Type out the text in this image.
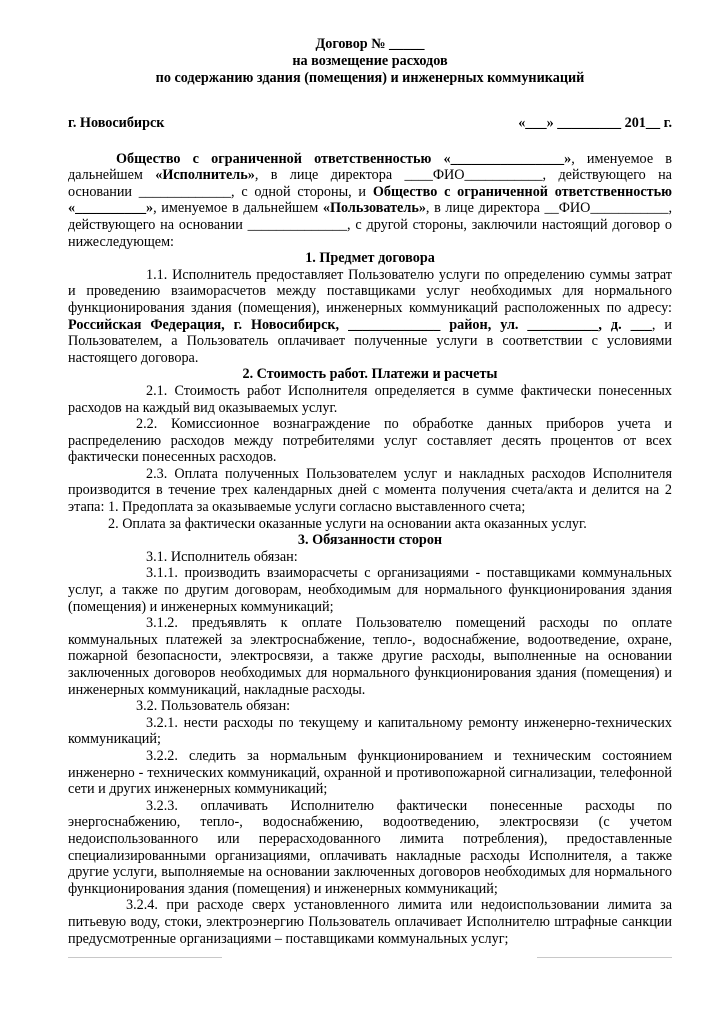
Договор № _____
на возмещение расходов
по содержанию здания (помещения) и инженерных коммуникаций
г. Новосибирск	«___» _________ 201__ г.

Общество с ограниченной ответственностью «________________», именуемое в дальнейшем «Исполнитель», в лице директора ____ФИО___________, действующего на основании _____________, с одной стороны, и Общество с ограниченной ответственностью «__________», именуемое в дальнейшем «Пользователь», в лице директора __ФИО___________, действующего на основании ______________, с другой стороны, заключили настоящий договор о нижеследующем:

1. Предмет договора

1.1. Исполнитель предоставляет Пользователю услуги по определению суммы затрат и проведению взаиморасчетов между поставщиками услуг необходимых для нормального функционирования здания (помещения), инженерных коммуникаций расположенных по адресу: Российская Федерация, г. Новосибирск, _____________ район, ул. __________, д. ___, и Пользователем, а Пользователь оплачивает полученные услуги в соответствии с условиями настоящего договора.

2. Стоимость работ. Платежи и расчеты

2.1. Стоимость работ Исполнителя определяется в сумме фактически понесенных расходов на каждый вид оказываемых услуг.

2.2. Комиссионное вознаграждение по обработке данных приборов учета и распределению расходов между потребителями услуг составляет десять процентов от всех фактически понесенных расходов.

2.3. Оплата полученных Пользователем услуг и накладных расходов Исполнителя производится в течение трех календарных дней с момента получения счета/акта и делится на 2 этапа: 1. Предоплата за оказываемые услуги согласно выставленного счета;

2. Оплата за фактически оказанные услуги на основании акта оказанных услуг.

3. Обязанности сторон

3.1. Исполнитель обязан:

3.1.1. производить взаиморасчеты с организациями - поставщиками коммунальных услуг, а также по другим договорам, необходимым для нормального функционирования здания (помещения) и инженерных коммуникаций;

3.1.2. предъявлять к оплате Пользователю помещений расходы по оплате коммунальных платежей за электроснабжение, тепло-, водоснабжение, водоотведение, охране, пожарной безопасности, электросвязи, а также другие расходы, выполненные на основании заключенных договоров необходимых для нормального функционирования здания (помещения) и инженерных коммуникаций, накладные расходы.

3.2. Пользователь обязан:

3.2.1. нести расходы по текущему и капитальному ремонту инженерно-технических коммуникаций;

3.2.2. следить за нормальным функционированием и техническим состоянием инженерно - технических коммуникаций, охранной и противопожарной сигнализации, телефонной сети и других инженерных коммуникаций;

3.2.3. оплачивать Исполнителю фактически понесенные расходы по энергоснабжению, тепло-, водоснабжению, водоотведению, электросвязи (с учетом недоиспользованного или перерасходованного лимита потребления), предоставленные специализированными организациями, оплачивать накладные расходы Исполнителя, а также другие услуги, выполняемые на основании заключенных договоров необходимых для нормального функционирования здания (помещения) и инженерных коммуникаций;

3.2.4. при расходе сверх установленного лимита или недоиспользовании лимита за питьевую воду, стоки, электроэнергию Пользователь оплачивает Исполнителю штрафные санкции предусмотренные организациями – поставщиками коммунальных услуг;
